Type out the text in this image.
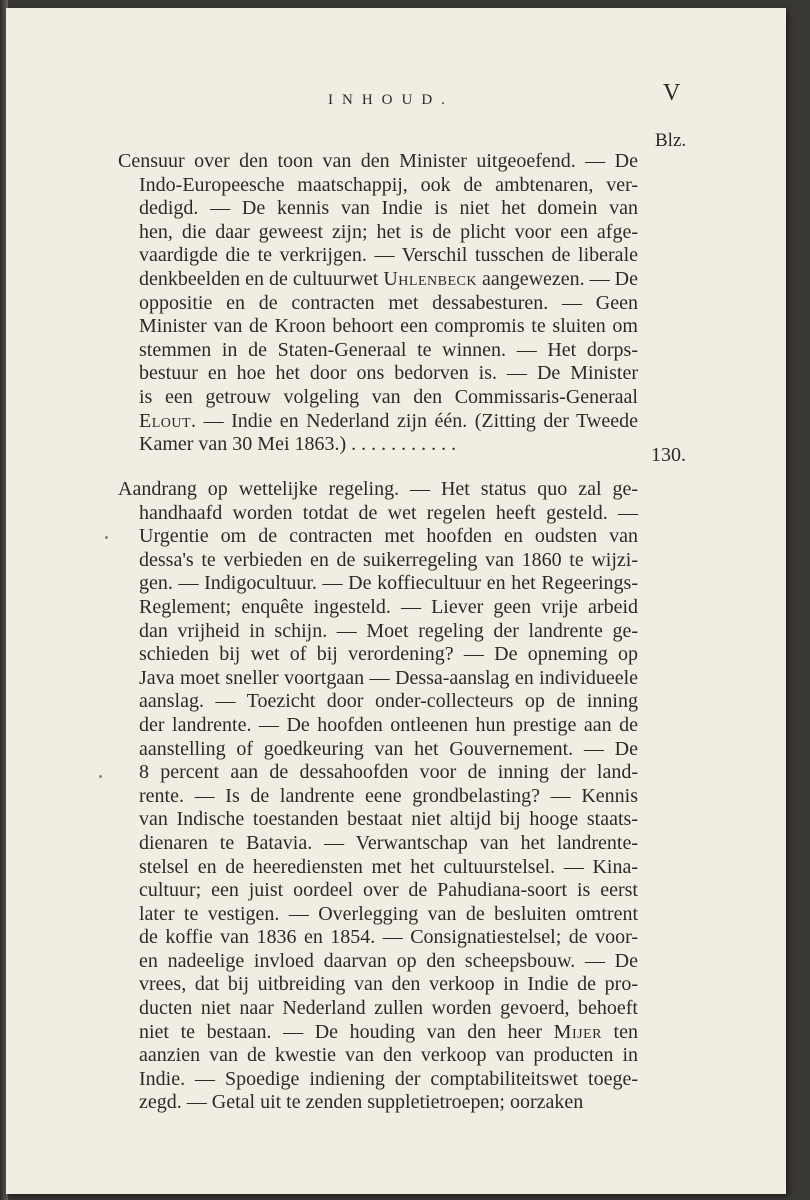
INHOUD.	V
Blz.
Censuur over den toon van den Minister uitgeoefend. — De
Indo-Europeesche maatschappij, ook de ambtenaren, ver-
dedigd. — De kennis van Indie is niet het domein van
hen, die daar geweest zijn; het is de plicht voor een afge-
vaardigde die te verkrijgen. — Verschil tusschen de liberale
denkbeelden en de cultuurwet Uhlenbeck aangewezen. — De
oppositie en de contracten met dessabesturen. — Geen
Minister van de Kroon behoort een compromis te sluiten om
stemmen in de Staten-Generaal te winnen. — Het dorps-
bestuur en hoe het door ons bedorven is. — De Minister
is een getrouw volgeling van den Commissaris-Generaal
Elout. — Indie en Nederland zijn één. (Zitting der Tweede
Kamer van 30 Mei 1863.) . . . . . . . . . . .	130.
Aandrang op wettelijke regeling. — Het status quo zal ge-
handhaafd worden totdat de wet regelen heeft gesteld. —
Urgentie om de contracten met hoofden en oudsten van
dessa's te verbieden en de suikerregeling van 1860 te wijzi-
gen. — Indigocultuur. — De koffiecultuur en het Regeerings-
Reglement; enquête ingesteld. — Liever geen vrije arbeid
dan vrijheid in schijn. — Moet regeling der landrente ge-
schieden bij wet of bij verordening? — De opneming op
Java moet sneller voortgaan — Dessa-aanslag en individueele
aanslag. — Toezicht door onder-collecteurs op de inning
der landrente. — De hoofden ontleenen hun prestige aan de
aanstelling of goedkeuring van het Gouvernement. — De
8 percent aan de dessahoofden voor de inning der land-
rente. — Is de landrente eene grondbelasting? — Kennis
van Indische toestanden bestaat niet altijd bij hooge staats-
dienaren te Batavia. — Verwantschap van het landrente-
stelsel en de heerediensten met het cultuurstelsel. — Kina-
cultuur; een juist oordeel over de Pahudiana-soort is eerst
later te vestigen. — Overlegging van de besluiten omtrent
de koffie van 1836 en 1854. — Consignatiestelsel; de voor-
en nadeelige invloed daarvan op den scheepsbouw. — De
vrees, dat bij uitbreiding van den verkoop in Indie de pro-
ducten niet naar Nederland zullen worden gevoerd, behoeft
niet te bestaan. — De houding van den heer Mijer ten
aanzien van de kwestie van den verkoop van producten in
Indie. — Spoedige indiening der comptabiliteitswet toege-
zegd. — Getal uit te zenden suppletietroepen; oorzaken
